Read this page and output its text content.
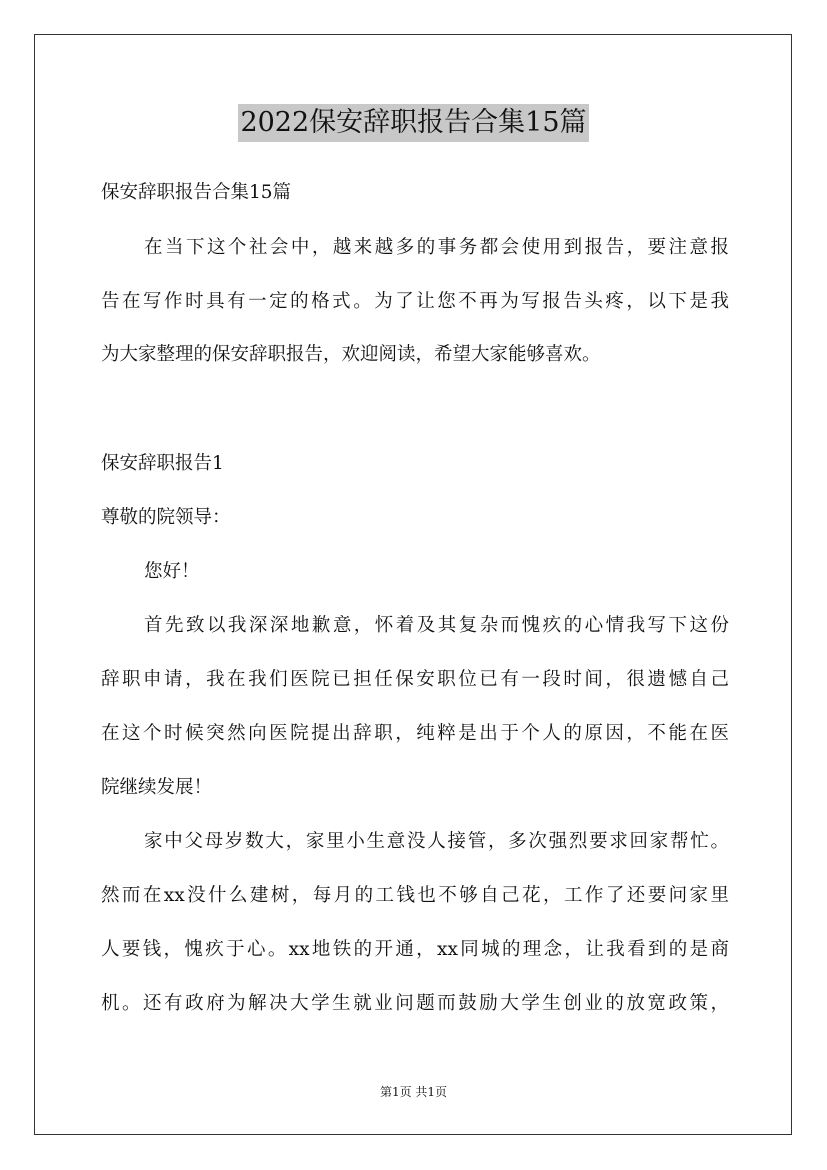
2022保安辞职报告合集15篇
保安辞职报告合集15篇
在当下这个社会中，越来越多的事务都会使用到报告，要注意报
告在写作时具有一定的格式。为了让您不再为写报告头疼，以下是我
为大家整理的保安辞职报告，欢迎阅读，希望大家能够喜欢。
保安辞职报告1
尊敬的院领导：
您好！
首先致以我深深地歉意，怀着及其复杂而愧疚的心情我写下这份
辞职申请，我在我们医院已担任保安职位已有一段时间，很遗憾自己
在这个时候突然向医院提出辞职，纯粹是出于个人的原因，不能在医
院继续发展！
家中父母岁数大，家里小生意没人接管，多次强烈要求回家帮忙。
然而在xx没什么建树，每月的工钱也不够自己花，工作了还要问家里
人要钱，愧疚于心。xx地铁的开通，xx同城的理念，让我看到的是商
机。还有政府为解决大学生就业问题而鼓励大学生创业的放宽政策，
第1页 共1页
